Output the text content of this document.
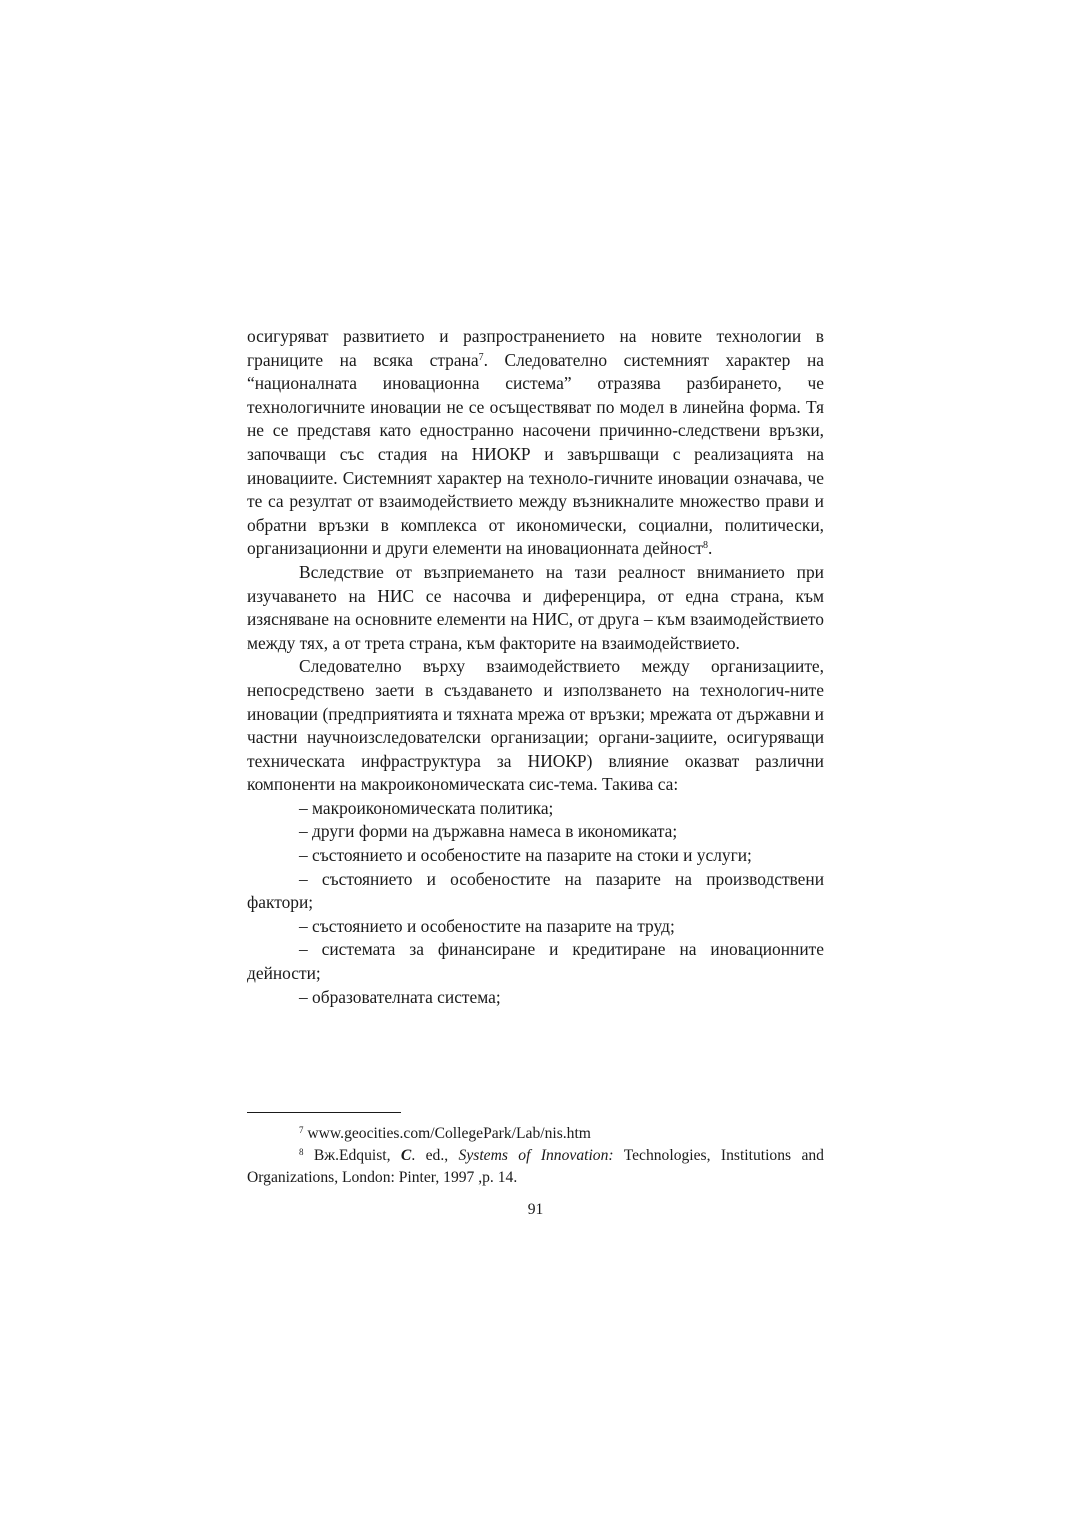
осигуряват развитието и разпространението на новите технологии в границите на всяка страна$^7$. Следователно системният характер на “националната иновационна система” отразява разбирането, че технологичните иновации не се осъществяват по модел в линейна форма. Тя не се представя като едностранно насочени причинно-следствени връзки, започващи със стадия на НИОКР и завършващи с реализацията на иновациите. Системният характер на техноло-гичните иновации означава, че те са резултат от взаимодействието между възникналите множество прави и обратни връзки в комплекса от икономически, социални, политически, организационни и други елементи на иновационната дейност$^8$.

Вследствие от възприемането на тази реалност вниманието при изучаването на НИС се насочва и диференцира, от една страна, към изясняване на основните елементи на НИС, от друга – към взаимодействието между тях, а от трета страна, към факторите на взаимодействието.

Следователно върху взаимодействието между организациите, непосредствено заети в създаването и използването на технологич-ните иновации (предприятията и тяхната мрежа от връзки; мрежата от държавни и частни научноизследователски организации; органи-зациите, осигуряващи техническата инфраструктура за НИОКР) влияние оказват различни компоненти на макроикономическата сис-тема. Такива са:

– макроикономическата политика;

– други форми на държавна намеса в икономиката;

– състоянието и особеностите на пазарите на стоки и услуги;

– състоянието и особеностите на пазарите на производствени фактори;

– състоянието и особеностите на пазарите на труд;

– системата за финансиране и кредитиране на иновационните дейности;

– образователната система;

$^7$ www.geocities.com/CollegePark/Lab/nis.htm

$^8$ Вж.Edquist, C. ed., Systems of Innovation: Technologies, Institutions and Organizations, London: Pinter, 1997 ,p. 14.

91
